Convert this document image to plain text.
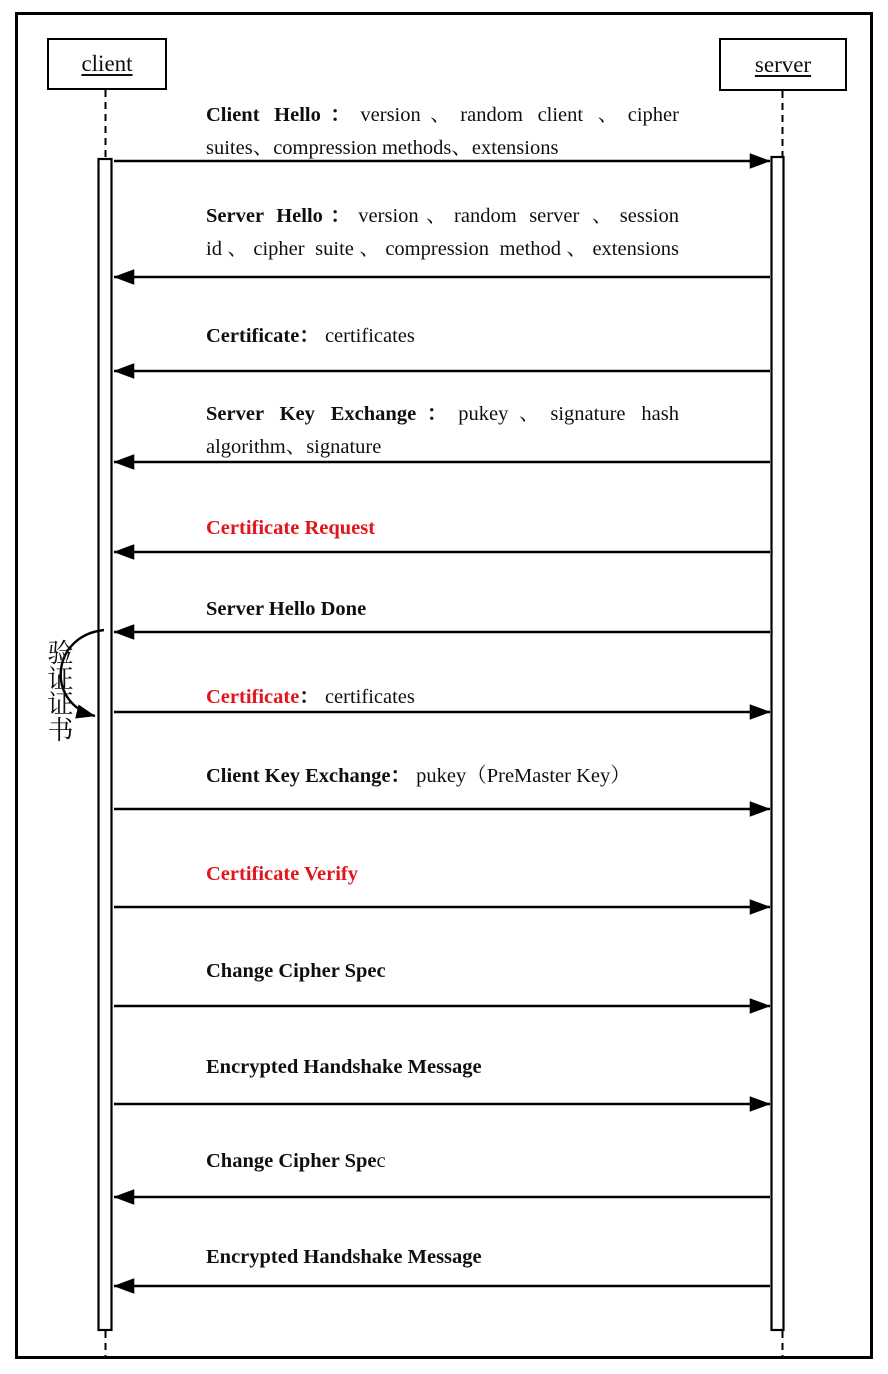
client	server
验证证书
Client Hello：version、random client 、cipher
suites、compression methods、extensions
Server Hello：version、random server 、session
id、cipher suite、compression method、extensions
Certificate： certificates
Server Key Exchange：pukey、signature hash
algorithm、signature
Certificate Request
Server Hello Done
Certificate： certificates
Client Key Exchange： pukey（PreMaster Key）
Certificate Verify
Change Cipher Spec
Encrypted Handshake Message
Change Cipher Spec
Encrypted Handshake Message
